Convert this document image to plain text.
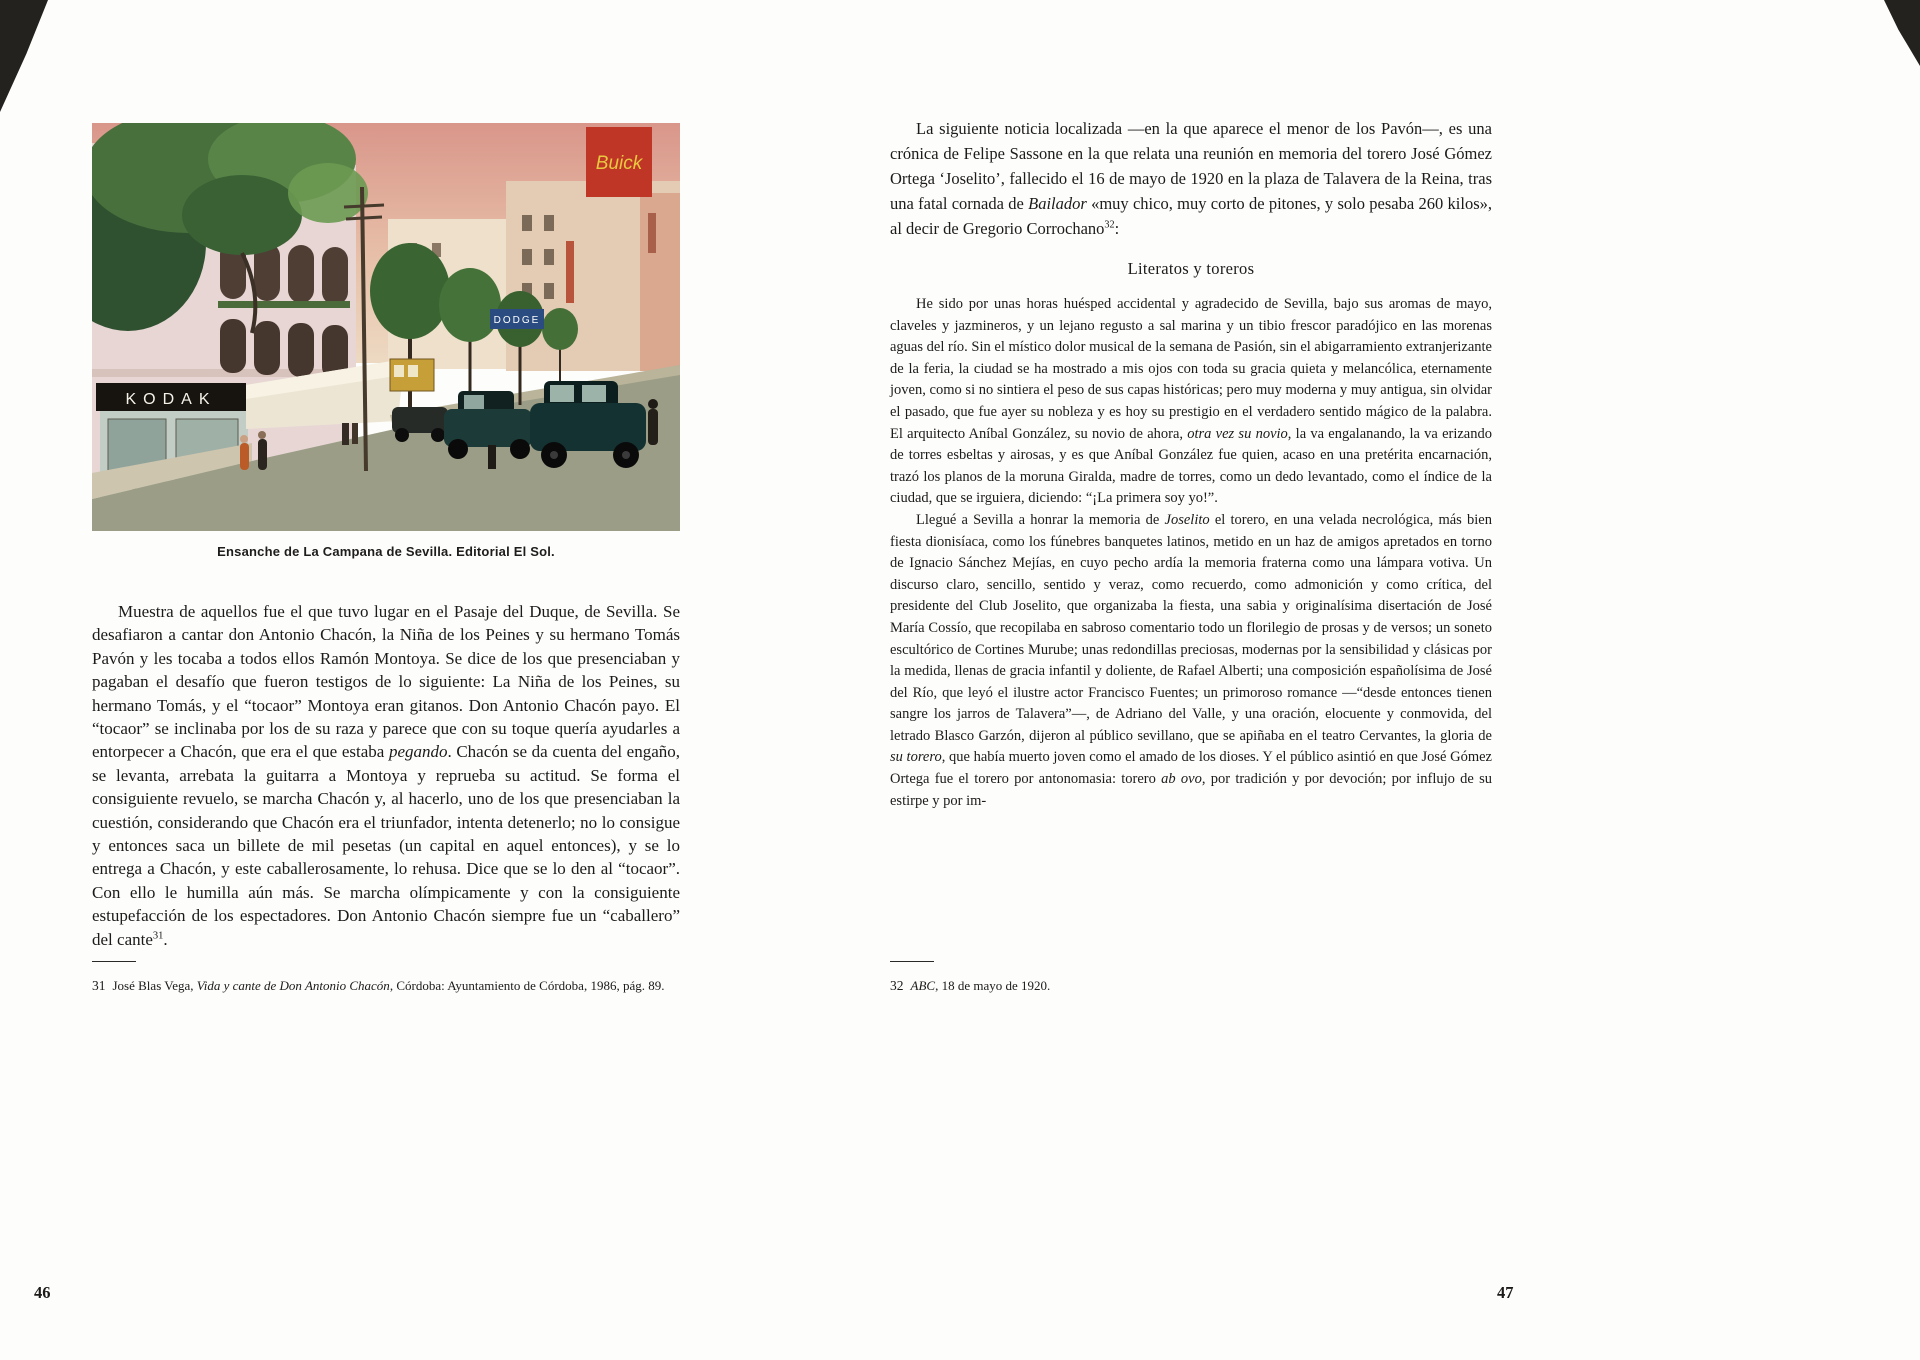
Buick
KODAK
DODGE
Ensanche de La Campana de Sevilla. Editorial El Sol.

Muestra de aquellos fue el que tuvo lugar en el Pasaje del Duque, de Sevilla. Se desafiaron a cantar don Antonio Chacón, la Niña de los Peines y su hermano Tomás Pavón y les tocaba a todos ellos Ramón Montoya. Se dice de los que presenciaban y pagaban el desafío que fueron testigos de lo siguiente: La Niña de los Peines, su hermano Tomás, y el “tocaor” Montoya eran gitanos. Don Antonio Chacón payo. El “tocaor” se inclinaba por los de su raza y parece que con su toque quería ayudarles a entorpecer a Chacón, que era el que estaba pegando. Chacón se da cuenta del engaño, se levanta, arrebata la guitarra a Montoya y reprueba su actitud. Se forma el consiguiente revuelo, se marcha Chacón y, al hacerlo, uno de los que presenciaban la cuestión, considerando que Chacón era el triunfador, intenta detenerlo; no lo consigue y entonces saca un billete de mil pesetas (un capital en aquel entonces), y se lo entrega a Chacón, y este caballerosamente, lo rehusa. Dice que se lo den al “tocaor”. Con ello le humilla aún más. Se marcha olímpicamente y con la consiguiente estupefacción de los espectadores. Don Antonio Chacón siempre fue un “caballero” del cante$^{31}$.

31 José Blas Vega, Vida y cante de Don Antonio Chacón, Córdoba: Ayuntamiento de Córdoba, 1986, pág. 89.

46

La siguiente noticia localizada —en la que aparece el menor de los Pavón—, es una crónica de Felipe Sassone en la que relata una reunión en memoria del torero José Gómez Ortega ‘Joselito’, fallecido el 16 de mayo de 1920 en la plaza de Talavera de la Reina, tras una fatal cornada de Bailador «muy chico, muy corto de pitones, y solo pesaba 260 kilos», al decir de Gregorio Corrochano$^{32}$:

Literatos y toreros

He sido por unas horas huésped accidental y agradecido de Sevilla, bajo sus aromas de mayo, claveles y jazmineros, y un lejano regusto a sal marina y un tibio frescor paradójico en las morenas aguas del río. Sin el místico dolor musical de la semana de Pasión, sin el abigarramiento extranjerizante de la feria, la ciudad se ha mostrado a mis ojos con toda su gracia quieta y melancólica, eternamente joven, como si no sintiera el peso de sus capas históricas; pero muy moderna y muy antigua, sin olvidar el pasado, que fue ayer su nobleza y es hoy su prestigio en el verdadero sentido mágico de la palabra. El arquitecto Aníbal González, su novio de ahora, otra vez su novio, la va engalanando, la va erizando de torres esbeltas y airosas, y es que Aníbal González fue quien, acaso en una pretérita encarnación, trazó los planos de la moruna Giralda, madre de torres, como un dedo levantado, como el índice de la ciudad, que se irguiera, diciendo: “¡La primera soy yo!”.

Llegué a Sevilla a honrar la memoria de Joselito el torero, en una velada necrológica, más bien fiesta dionisíaca, como los fúnebres banquetes latinos, metido en un haz de amigos apretados en torno de Ignacio Sánchez Mejías, en cuyo pecho ardía la memoria fraterna como una lámpara votiva. Un discurso claro, sencillo, sentido y veraz, como recuerdo, como admonición y como crítica, del presidente del Club Joselito, que organizaba la fiesta, una sabia y originalísima disertación de José María Cossío, que recopilaba en sabroso comentario todo un florilegio de prosas y de versos; un soneto escultórico de Cortines Murube; unas redondillas preciosas, modernas por la sensibilidad y clásicas por la medida, llenas de gracia infantil y doliente, de Rafael Alberti; una composición españolísima de José del Río, que leyó el ilustre actor Francisco Fuentes; un primoroso romance —“desde entonces tienen sangre los jarros de Talavera”—, de Adriano del Valle, y una oración, elocuente y conmovida, del letrado Blasco Garzón, dijeron al público sevillano, que se apiñaba en el teatro Cervantes, la gloria de su torero, que había muerto joven como el amado de los dioses. Y el público asintió en que José Gómez Ortega fue el torero por antonomasia: torero ab ovo, por tradición y por devoción; por influjo de su estirpe y por im-

32 ABC, 18 de mayo de 1920.

47
